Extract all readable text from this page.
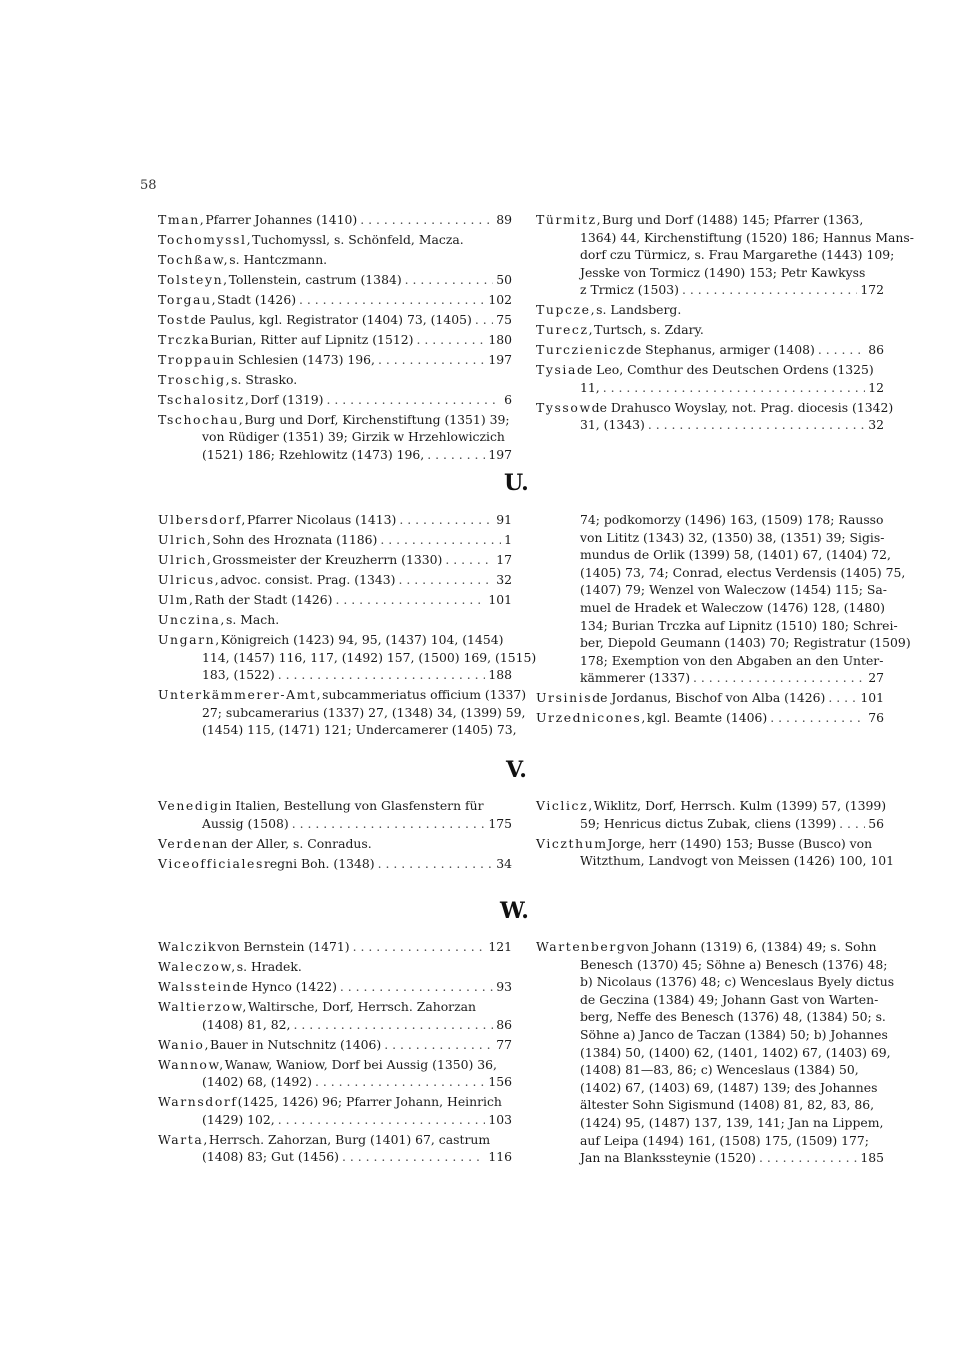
58
Tman, Pfarrer Johannes (1410) . . .	89
Tochomyssl, Tuchomyssl, s. Schönfeld, Macza.
Tochßaw, s. Hantczmann.
Tolsteyn, Tollenstein, castrum (1384) . . .	50
Torgau, Stadt (1426) . . .	102
Tost de Paulus, kgl. Registrator (1404) 73, (1405) . . . 75
Trczka Burian, Ritter auf Lipnitz (1512) . . .	180
Troppau in Schlesien (1473) 196, . . .	197
Troschig, s. Strasko.
Tschalositz, Dorf (1319) . . .	6
Tschochau, Burg und Dorf, Kirchenstiftung (1351) 39;
von Rüdiger (1351) 39; Girzik w Hrzehlowiczich
(1521) 186; Rzehlowitz (1473) 196, . . .	197
Türmitz, Burg und Dorf (1488) 145; Pfarrer (1363,
1364) 44, Kirchenstiftung (1520) 186; Hannus Mans-
dorf czu Türmicz, s. Frau Margarethe (1443) 109;
Jesske von Tormicz (1490) 153; Petr Kawkyss
z Trmicz (1503) . . .	172
Tupcze, s. Landsberg.
Turecz, Turtsch, s. Zdary.
Turczienicz de Stephanus, armiger (1408) . . .	86
Tysia de Leo, Comthur des Deutschen Ordens (1325)
11, . . .	12
Tyssow de Drahusco Woyslay, not. Prag. diocesis (1342)
31, (1343) . . .	32
U.
Ulbersdorf, Pfarrer Nicolaus (1413) . . .	91
Ulrich, Sohn des Hroznata (1186) . . .	1
Ulrich, Grossmeister der Kreuzherrn (1330) . . .	17
Ulricus, advoc. consist. Prag. (1343) . . .	32
Ulm, Rath der Stadt (1426) . . .	101
Unczina, s. Mach.
Ungarn, Königreich (1423) 94, 95, (1437) 104, (1454)
114, (1457) 116, 117, (1492) 157, (1500) 169, (1515)
183, (1522) . . .	188
Unterkämmerer-Amt, subcammeriatus officium (1337)
27; subcamerarius (1337) 27, (1348) 34, (1399) 59,
(1454) 115, (1471) 121; Undercamerer (1405) 73,
74; podkomorzy (1496) 163, (1509) 178; Rausso
von Lititz (1343) 32, (1350) 38, (1351) 39; Sigis-
mundus de Orlik (1399) 58, (1401) 67, (1404) 72,
(1405) 73, 74; Conrad, electus Verdensis (1405) 75,
(1407) 79; Wenzel von Waleczow (1454) 115; Sa-
muel de Hradek et Waleczow (1476) 128, (1480)
134; Burian Trczka auf Lipnitz (1510) 180; Schrei-
ber, Diepold Geumann (1403) 70; Registratur (1509)
178; Exemption von den Abgaben an den Unter-
kämmerer (1337) . . .	27
Ursinis de Jordanus, Bischof von Alba (1426) . . .	101
Urzednicones, kgl. Beamte (1406) . . .	76
V.
Venedig in Italien, Bestellung von Glasfenstern für
Aussig (1508) . . .	175
Verden an der Aller, s. Conradus.
Viceofficiales regni Boh. (1348) . . .	34
Viclicz, Wiklitz, Dorf, Herrsch. Kulm (1399) 57, (1399)
59; Henricus dictus Zubak, cliens (1399) . . .	56
Viczthum Jorge, herr (1490) 153; Busse (Busco) von
Witzthum, Landvogt von Meissen (1426) 100, 101
W.
Walczik von Bernstein (1471) . . .	121
Waleczow, s. Hradek.
Walsstein de Hynco (1422) . . .	93
Waltierzow, Waltirsche, Dorf, Herrsch. Zahorzan
(1408) 81, 82, . . .	86
Wanio, Bauer in Nutschnitz (1406) . . .	77
Wannow, Wanaw, Waniow, Dorf bei Aussig (1350) 36,
(1402) 68, (1492) . . .	156
Warnsdorf (1425, 1426) 96; Pfarrer Johann, Heinrich
(1429) 102, . . .	103
Warta, Herrsch. Zahorzan, Burg (1401) 67, castrum
(1408) 83; Gut (1456) . . .	116
Wartenberg von Johann (1319) 6, (1384) 49; s. Sohn
Benesch (1370) 45; Söhne a) Benesch (1376) 48;
b) Nicolaus (1376) 48; c) Wenceslaus Byely dictus
de Geczina (1384) 49; Johann Gast von Warten-
berg, Neffe des Benesch (1376) 48, (1384) 50; s.
Söhne a) Janco de Taczan (1384) 50; b) Johannes
(1384) 50, (1400) 62, (1401, 1402) 67, (1403) 69,
(1408) 81—83, 86; c) Wenceslaus (1384) 50,
(1402) 67, (1403) 69, (1487) 139; des Johannes
ältester Sohn Sigismund (1408) 81, 82, 83, 86,
(1424) 95, (1487) 137, 139, 141; Jan na Lippem,
auf Leipa (1494) 161, (1508) 175, (1509) 177;
Jan na Blankssteynie (1520) . . .	185
